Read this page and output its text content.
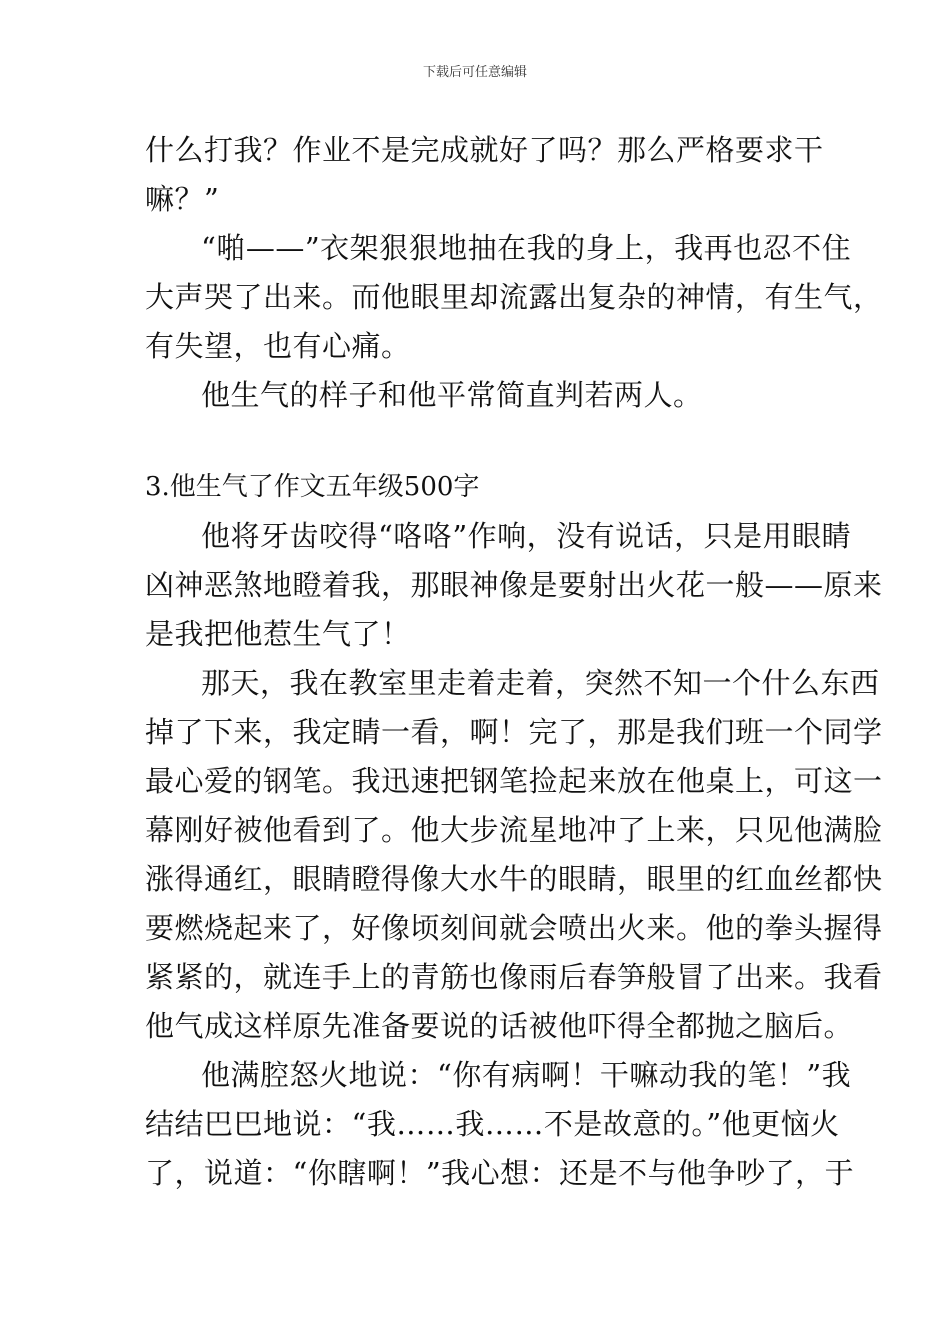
下载后可任意编辑
什么打我？作业不是完成就好了吗？那么严格要求干
嘛？”
“啪——”衣架狠狠地抽在我的身上，我再也忍不住
大声哭了出来。而他眼里却流露出复杂的神情，有生气，
有失望，也有心痛。
他生气的样子和他平常简直判若两人。
3.他生气了作文五年级500字
他将牙齿咬得“咯咯”作响，没有说话，只是用眼睛
凶神恶煞地瞪着我，那眼神像是要射出火花一般——原来
是我把他惹生气了！
那天，我在教室里走着走着，突然不知一个什么东西
掉了下来，我定睛一看，啊！完了，那是我们班一个同学
最心爱的钢笔。我迅速把钢笔捡起来放在他桌上，可这一
幕刚好被他看到了。他大步流星地冲了上来，只见他满脸
涨得通红，眼睛瞪得像大水牛的眼睛，眼里的红血丝都快
要燃烧起来了，好像顷刻间就会喷出火来。他的拳头握得
紧紧的，就连手上的青筋也像雨后春笋般冒了出来。我看
他气成这样原先准备要说的话被他吓得全都抛之脑后。
他满腔怒火地说：“你有病啊！干嘛动我的笔！”我
结结巴巴地说：“我……我……不是故意的。”他更恼火
了，说道：“你瞎啊！”我心想：还是不与他争吵了，于
